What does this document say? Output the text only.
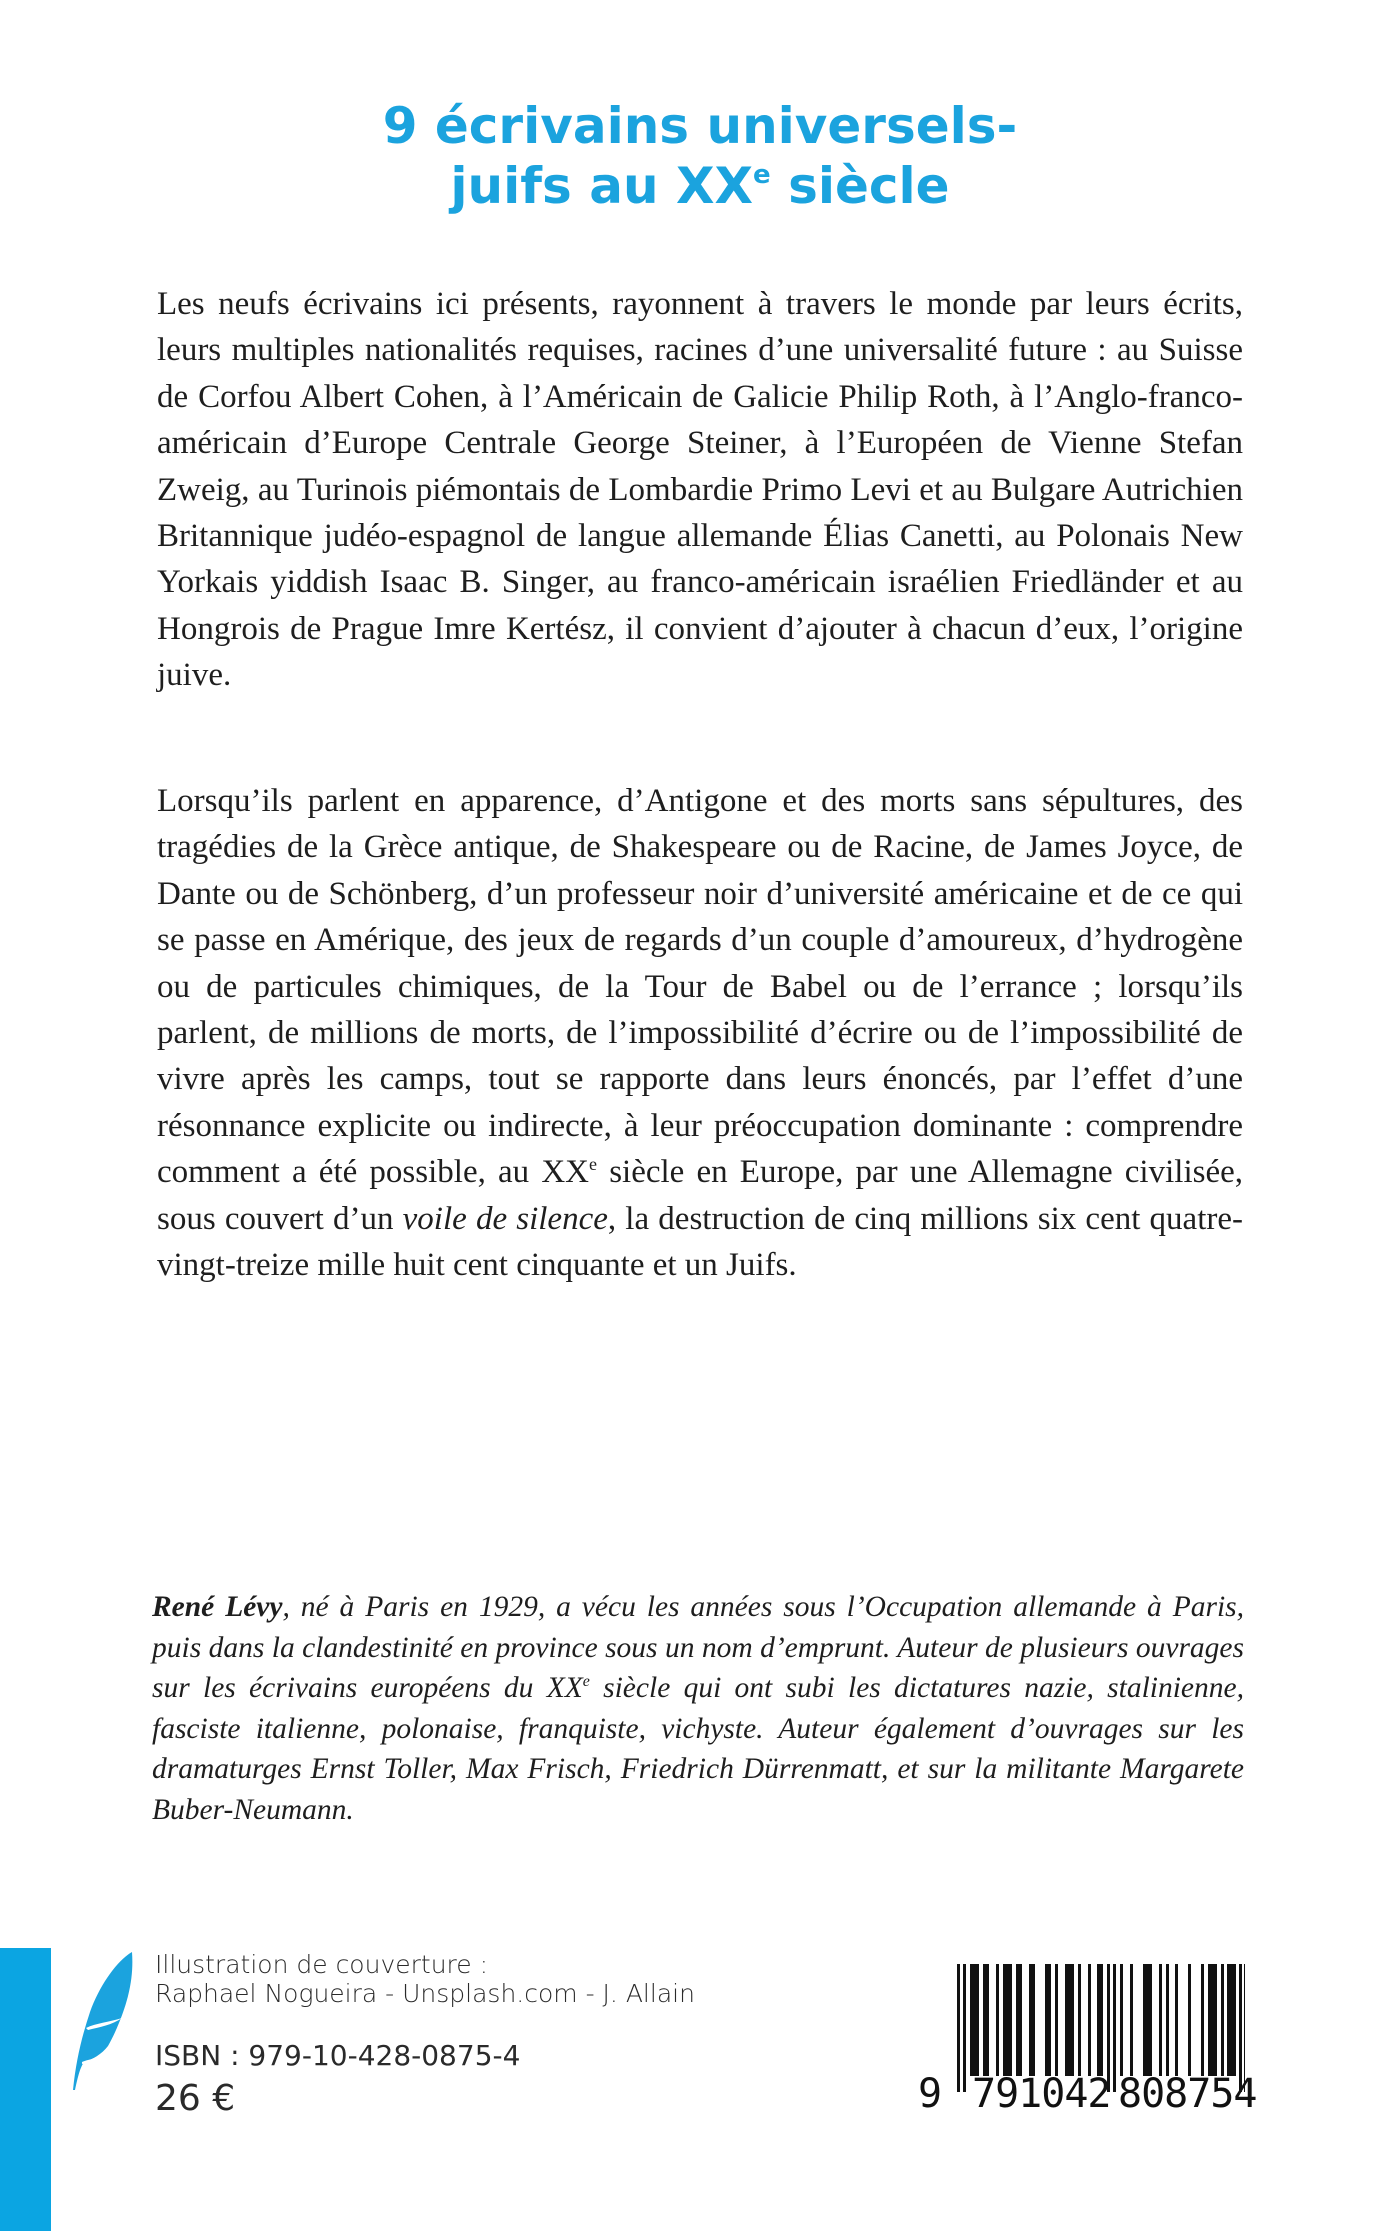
9 écrivains universels-
juifs au XXe siècle

Les neufs écrivains ici présents, rayonnent à travers le monde par leurs écrits, leurs multiples nationalités requises, racines d’une universalité future : au Suisse de Corfou Albert Cohen, à l’Américain de Galicie Philip Roth, à l’Anglo-franco-américain d’Europe Centrale George Steiner, à l’Européen de Vienne Stefan Zweig, au Turinois piémontais de Lombardie Primo Levi et au Bulgare Autrichien Britannique judéo-espagnol de langue allemande Élias Canetti, au Polonais New Yorkais yiddish Isaac B. Singer, au franco-américain israélien Friedländer et au Hongrois de Prague Imre Kertész, il convient d’ajouter à chacun d’eux, l’origine juive.

Lorsqu’ils parlent en apparence, d’Antigone et des morts sans sépultures, des tragédies de la Grèce antique, de Shakespeare ou de Racine, de James Joyce, de Dante ou de Schönberg, d’un professeur noir d’université américaine et de ce qui se passe en Amérique, des jeux de regards d’un couple d’amoureux, d’hydrogène ou de particules chimiques, de la Tour de Babel ou de l’errance ; lorsqu’ils parlent, de millions de morts, de l’impossibilité d’écrire ou de l’impossibilité de vivre après les camps, tout se rapporte dans leurs énoncés, par l’effet d’une résonnance explicite ou indirecte, à leur préoccupation dominante : comprendre comment a été possible, au XXe siècle en Europe, par une Allemagne civilisée, sous couvert d’un voile de silence, la destruction de cinq millions six cent quatre-vingt-treize mille huit cent cinquante et un Juifs.

René Lévy, né à Paris en 1929, a vécu les années sous l’Occupation allemande à Paris, puis dans la clandestinité en province sous un nom d’emprunt. Auteur de plusieurs ouvrages sur les écrivains européens du XXe siècle qui ont subi les dictatures nazie, stalinienne, fasciste italienne, polonaise, franquiste, vichyste. Auteur également d’ouvrages sur les dramaturges Ernst Toller, Max Frisch, Friedrich Dürrenmatt, et sur la militante Margarete Buber-Neumann.

Illustration de couverture :
Raphael Nogueira - Unsplash.com - J. Allain
ISBN : 979-10-428-0875-4
26 €	9 791042 808754
